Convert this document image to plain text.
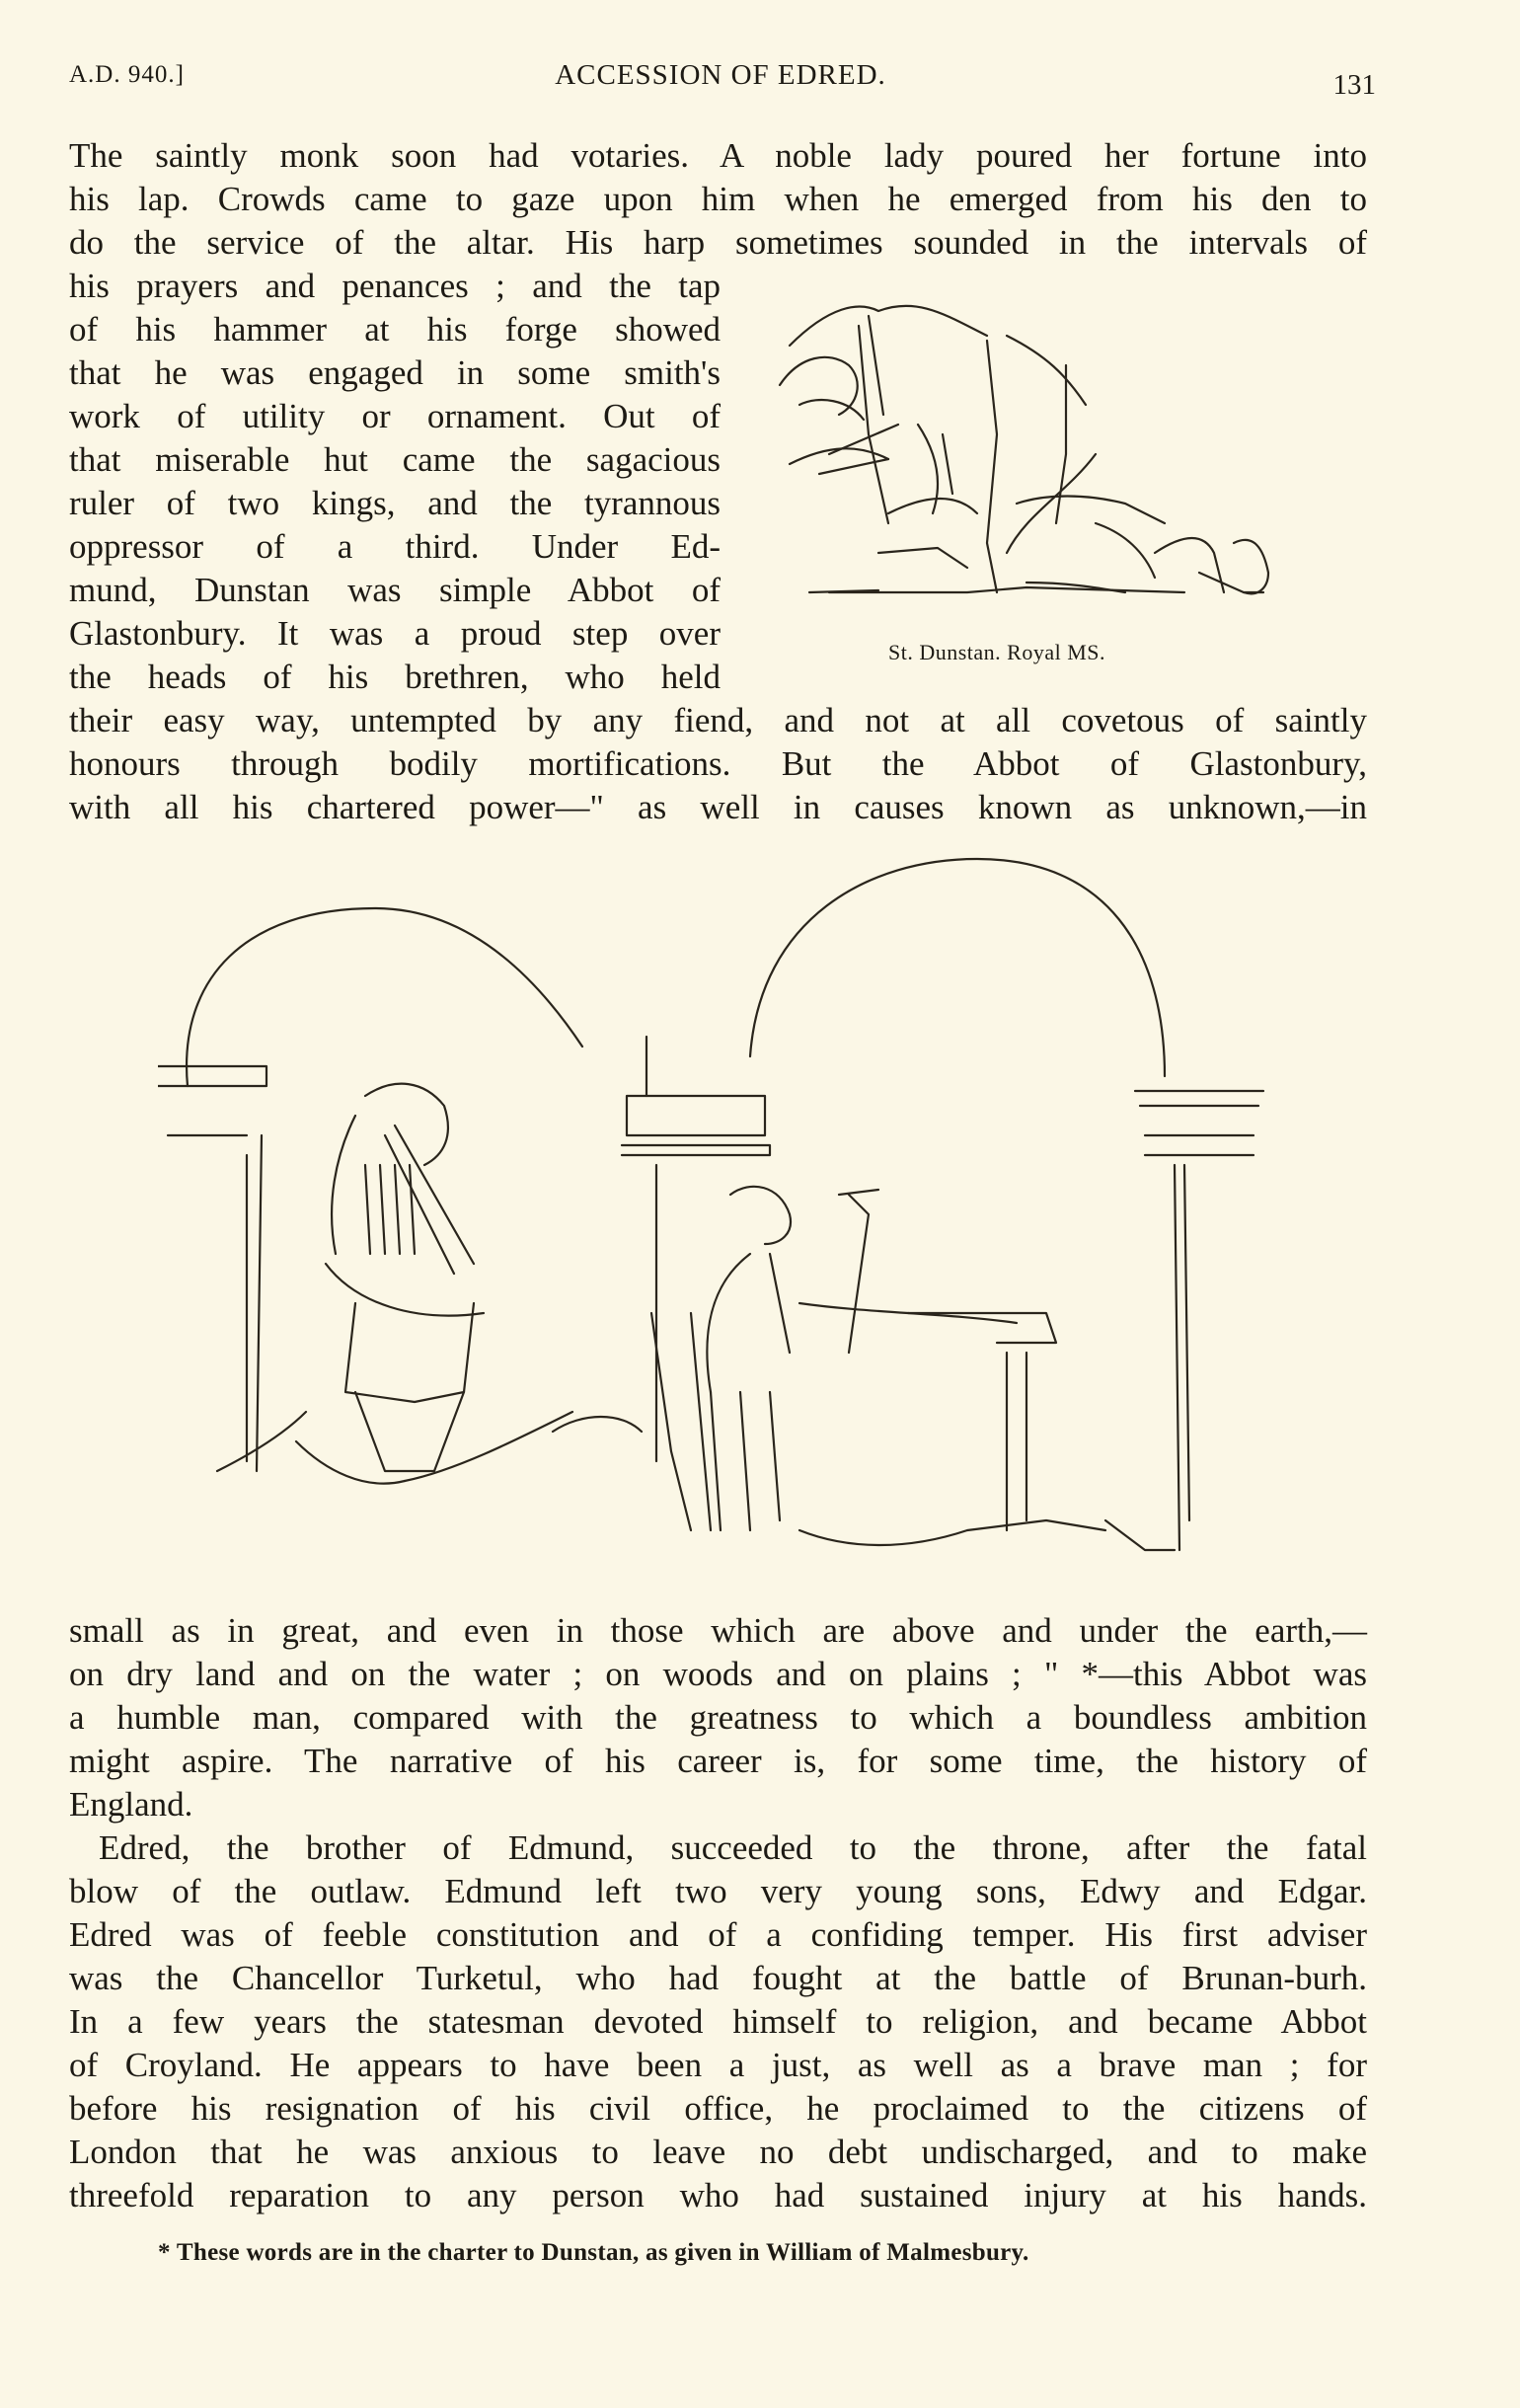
A.D. 940.]	ACCESSION OF EDRED.	131
The saintly monk soon had votaries. A noble lady poured her fortune into
his lap. Crowds came to gaze upon him when he emerged from his den to
do the service of the altar. His harp sometimes sounded in the intervals of
his prayers and penances ; and the tap
of his hammer at his forge showed
that he was engaged in some smith's
work of utility or ornament. Out of
that miserable hut came the sagacious
ruler of two kings, and the tyrannous
oppressor of a third. Under Ed-
mund, Dunstan was simple Abbot of
Glastonbury. It was a proud step over
the heads of his brethren, who held
their easy way, untempted by any fiend, and not at all covetous of saintly
honours through bodily mortifications. But the Abbot of Glastonbury,
with all his chartered power—" as well in causes known as unknown,—in
St. Dunstan. Royal MS.
small as in great, and even in those which are above and under the earth,—
on dry land and on the water ; on woods and on plains ; " *—this Abbot was
a humble man, compared with the greatness to which a boundless ambition
might aspire. The narrative of his career is, for some time, the history of
England.
Edred, the brother of Edmund, succeeded to the throne, after the fatal
blow of the outlaw. Edmund left two very young sons, Edwy and Edgar.
Edred was of feeble constitution and of a confiding temper. His first adviser
was the Chancellor Turketul, who had fought at the battle of Brunan-burh.
In a few years the statesman devoted himself to religion, and became Abbot
of Croyland. He appears to have been a just, as well as a brave man ; for
before his resignation of his civil office, he proclaimed to the citizens of
London that he was anxious to leave no debt undischarged, and to make
threefold reparation to any person who had sustained injury at his hands.
* These words are in the charter to Dunstan, as given in William of Malmesbury.
